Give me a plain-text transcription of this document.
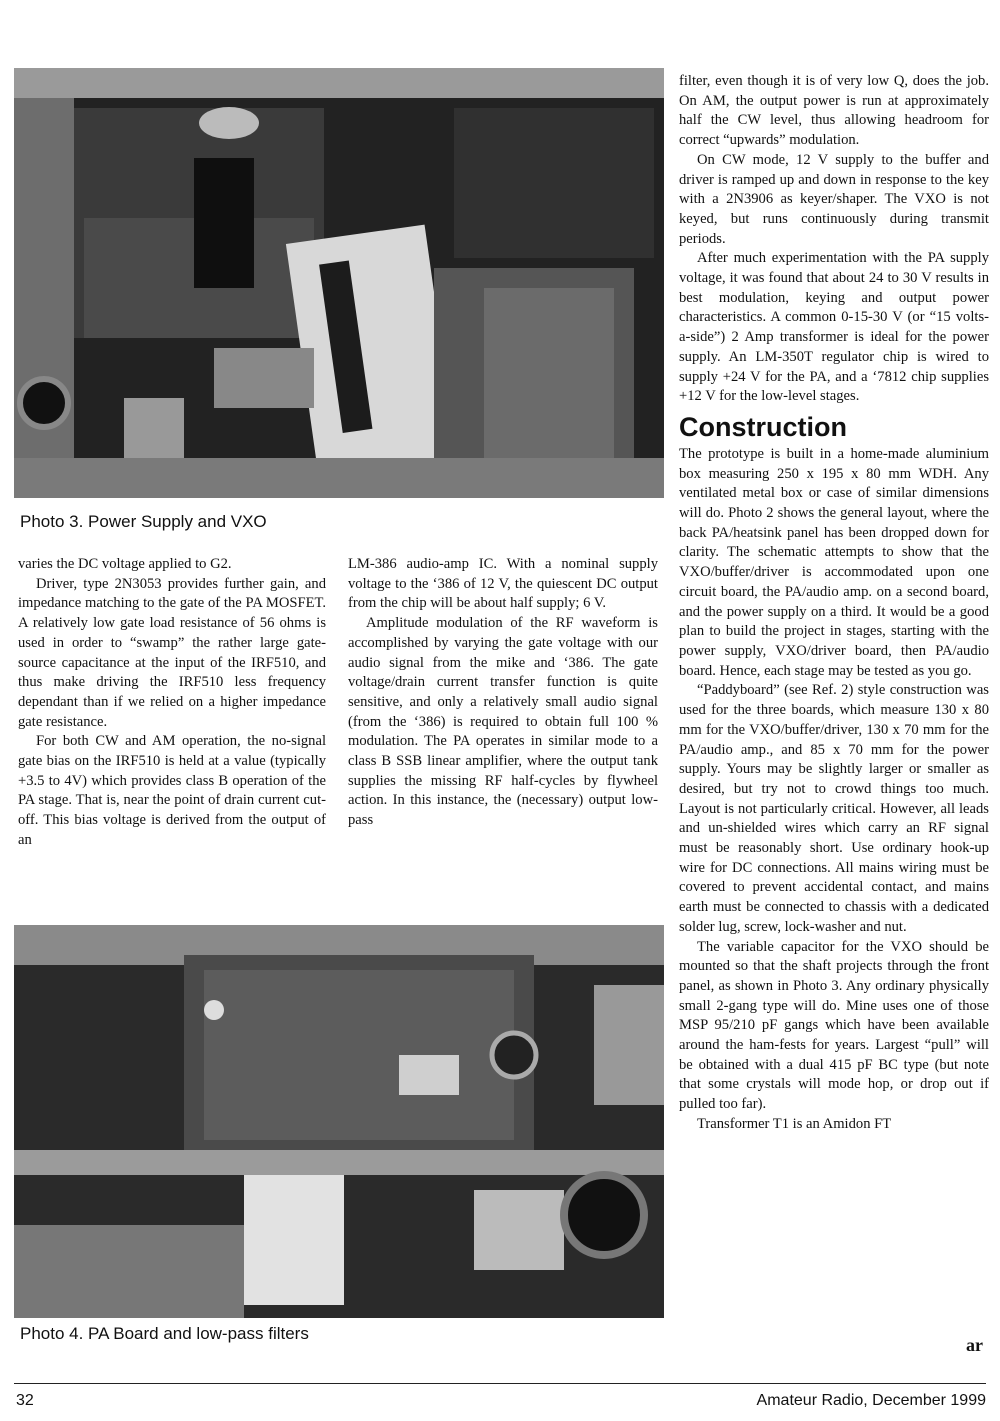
Photo 3. Power Supply and VXO

varies the DC voltage applied to G2.

Driver, type 2N3053 provides further gain, and impedance matching to the gate of the PA MOSFET. A relatively low gate load resistance of 56 ohms is used in order to “swamp” the rather large gate-source capacitance at the input of the IRF510, and thus make driving the IRF510 less frequency dependant than if we relied on a higher impedance gate resistance.

For both CW and AM operation, the no-signal gate bias on the IRF510 is held at a value (typically +3.5 to 4V) which provides class B operation of the PA stage. That is, near the point of drain current cut-off. This bias voltage is derived from the output of an

LM-386 audio-amp IC. With a nominal supply voltage to the ‘386 of 12 V, the quiescent DC output from the chip will be about half supply; 6 V.

Amplitude modulation of the RF waveform is accomplished by varying the gate voltage with our audio signal from the mike and ‘386. The gate voltage/drain current transfer function is quite sensitive, and only a relatively small audio signal (from the ‘386) is required to obtain full 100 % modulation. The PA operates in similar mode to a class B SSB linear amplifier, where the output tank supplies the missing RF half-cycles by flywheel action. In this instance, the (necessary) output low-pass

Photo 4. PA Board and low-pass filters

filter, even though it is of very low Q, does the job. On AM, the output power is run at approximately half the CW level, thus allowing headroom for correct “upwards” modulation.

On CW mode, 12 V supply to the buffer and driver is ramped up and down in response to the key with a 2N3906 as keyer/shaper. The VXO is not keyed, but runs continuously during transmit periods.

After much experimentation with the PA supply voltage, it was found that about 24 to 30 V results in best modulation, keying and output power characteristics. A common 0-15-30 V (or “15 volts-a-side”) 2 Amp transformer is ideal for the power supply. An LM-350T regulator chip is wired to supply +24 V for the PA, and a ‘7812 chip supplies +12 V for the low-level stages.

Construction

The prototype is built in a home-made aluminium box measuring 250 x 195 x 80 mm WDH. Any ventilated metal box or case of similar dimensions will do. Photo 2 shows the general layout, where the back PA/heatsink panel has been dropped down for clarity. The schematic attempts to show that the VXO/buffer/driver is accommodated upon one circuit board, the PA/audio amp. on a second board, and the power supply on a third. It would be a good plan to build the project in stages, starting with the power supply, VXO/driver board, then PA/audio board. Hence, each stage may be tested as you go.

“Paddyboard” (see Ref. 2) style construction was used for the three boards, which measure 130 x 80 mm for the VXO/buffer/driver, 130 x 70 mm for the PA/audio amp., and 85 x 70 mm for the power supply. Yours may be slightly larger or smaller as desired, but try not to crowd things too much. Layout is not particularly critical. However, all leads and un-shielded wires which carry an RF signal must be reasonably short. Use ordinary hook-up wire for DC connections. All mains wiring must be covered to prevent accidental contact, and mains earth must be connected to chassis with a dedicated solder lug, screw, lock-washer and nut.

The variable capacitor for the VXO should be mounted so that the shaft projects through the front panel, as shown in Photo 3. Any ordinary physically small 2-gang type will do. Mine uses one of those MSP 95/210 pF gangs which have been available around the ham-fests for years. Largest “pull” will be obtained with a dual 415 pF BC type (but note that some crystals will mode hop, or drop out if pulled too far).

Transformer T1 is an Amidon FT

ar
32	Amateur Radio, December 1999
